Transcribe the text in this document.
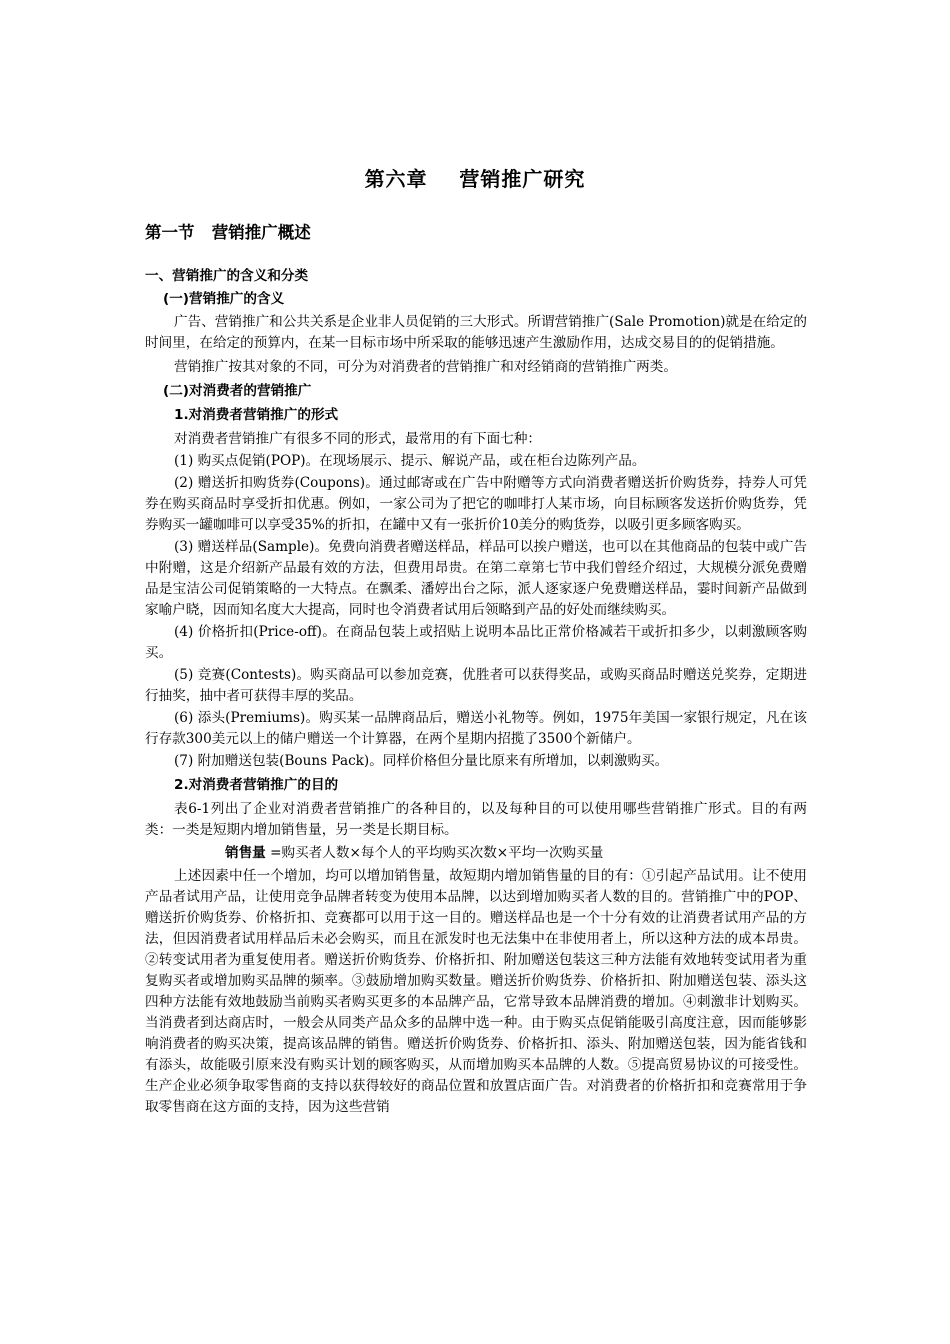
第六章    营销推广研究
第一节   营销推广概述

一、营销推广的含义和分类

(一)营销推广的含义

广告、营销推广和公共关系是企业非人员促销的三大形式。所谓营销推广(Sale Promotion)就是在给定的时间里，在给定的预算内，在某一目标市场中所采取的能够迅速产生激励作用，达成交易目的的促销措施。

营销推广按其对象的不同，可分为对消费者的营销推广和对经销商的营销推广两类。

(二)对消费者的营销推广

1.对消费者营销推广的形式

对消费者营销推广有很多不同的形式，最常用的有下面七种：

(1) 购买点促销(POP)。在现场展示、提示、解说产品，或在柜台边陈列产品。

(2) 赠送折扣购货券(Coupons)。通过邮寄或在广告中附赠等方式向消费者赠送折价购货券，持券人可凭券在购买商品时享受折扣优惠。例如，一家公司为了把它的咖啡打人某市场，向目标顾客发送折价购货券，凭券购买一罐咖啡可以享受35%的折扣，在罐中又有一张折价10美分的购货券，以吸引更多顾客购买。

(3) 赠送样品(Sample)。免费向消费者赠送样品，样品可以挨户赠送，也可以在其他商品的包装中或广告中附赠，这是介绍新产品最有效的方法，但费用昂贵。在第二章第七节中我们曾经介绍过，大规模分派免费赠品是宝洁公司促销策略的一大特点。在飘柔、潘婷出台之际，派人逐家逐户免费赠送样品，霎时间新产品做到家喻户晓，因而知名度大大提高，同时也令消费者试用后领略到产品的好处而继续购买。

(4) 价格折扣(Price-off)。在商品包装上或招贴上说明本品比正常价格减若干或折扣多少，以刺激顾客购买。

(5) 竞赛(Contests)。购买商品可以参加竞赛，优胜者可以获得奖品，或购买商品时赠送兑奖券，定期进行抽奖，抽中者可获得丰厚的奖品。

(6) 添头(Premiums)。购买某一品牌商品后，赠送小礼物等。例如，1975年美国一家银行规定，凡在该行存款300美元以上的储户赠送一个计算器，在两个星期内招揽了3500个新储户。

(7) 附加赠送包装(Bouns Pack)。同样价格但分量比原来有所增加，以刺激购买。

2.对消费者营销推广的目的

表6-1列出了企业对消费者营销推广的各种目的，以及每种目的可以使用哪些营销推广形式。目的有两类：一类是短期内增加销售量，另一类是长期目标。

销售量 =购买者人数×每个人的平均购买次数×平均一次购买量

上述因素中任一个增加，均可以增加销售量，故短期内增加销售量的目的有：①引起产品试用。让不使用产品者试用产品，让使用竞争品牌者转变为使用本品牌，以达到增加购买者人数的目的。营销推广中的POP、赠送折价购货券、价格折扣、竞赛都可以用于这一目的。赠送样品也是一个十分有效的让消费者试用产品的方法，但因消费者试用样品后未必会购买，而且在派发时也无法集中在非使用者上，所以这种方法的成本昂贵。②转变试用者为重复使用者。赠送折价购货券、价格折扣、附加赠送包装这三种方法能有效地转变试用者为重复购买者或增加购买品牌的频率。③鼓励增加购买数量。赠送折价购货券、价格折扣、附加赠送包装、添头这四种方法能有效地鼓励当前购买者购买更多的本品牌产品，它常导致本品牌消费的增加。④刺激非计划购买。当消费者到达商店时，一般会从同类产品众多的品牌中选一种。由于购买点促销能吸引高度注意，因而能够影响消费者的购买决策，提高该品牌的销售。赠送折价购货券、价格折扣、添头、附加赠送包装，因为能省钱和有添头，故能吸引原来没有购买计划的顾客购买，从而增加购买本品牌的人数。⑤提高贸易协议的可接受性。生产企业必须争取零售商的支持以获得较好的商品位置和放置店面广告。对消费者的价格折扣和竞赛常用于争取零售商在这方面的支持，因为这些营销
